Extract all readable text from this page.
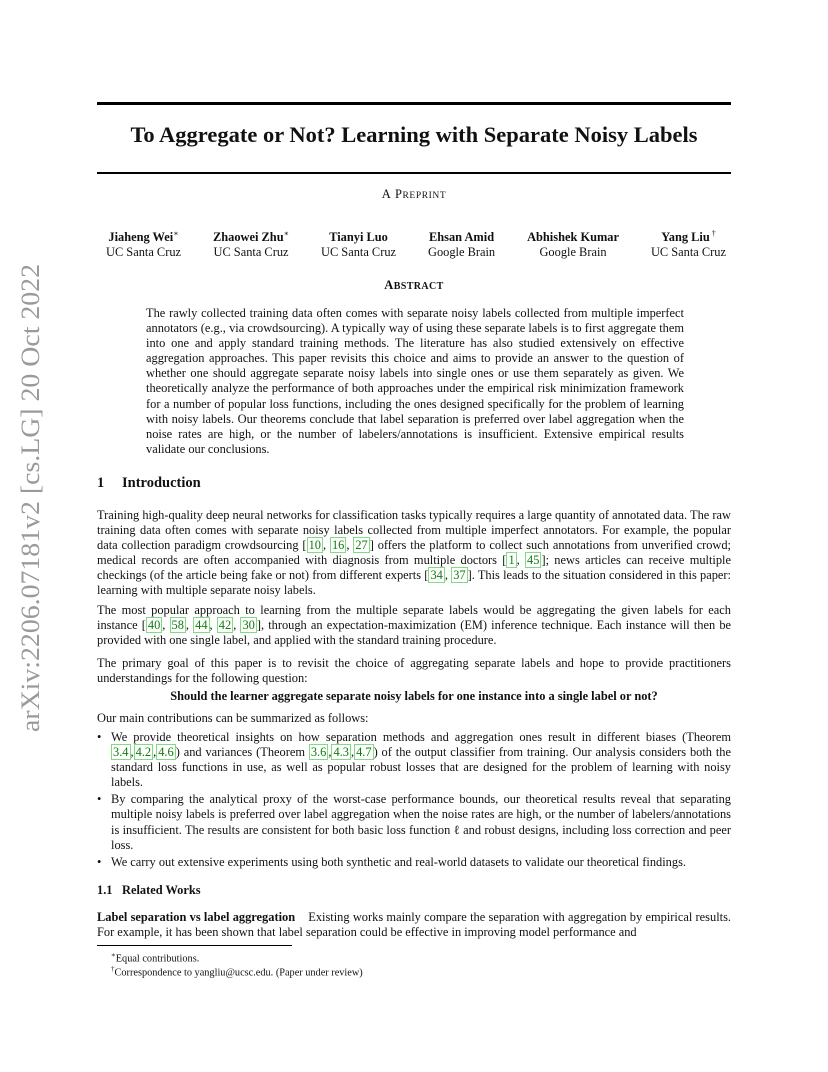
arXiv:2206.07181v2 [cs.LG] 20 Oct 2022
To Aggregate or Not? Learning with Separate Noisy Labels
A PREPRINT
Jiaheng Wei∗
UC Santa Cruz
Zhaowei Zhu∗
UC Santa Cruz
Tianyi Luo
UC Santa Cruz
Ehsan Amid
Google Brain
Abhishek Kumar
Google Brain
Yang Liu †
UC Santa Cruz
ABSTRACT
The rawly collected training data often comes with separate noisy labels collected from multiple imperfect annotators (e.g., via crowdsourcing). A typically way of using these separate labels is to first aggregate them into one and apply standard training methods. The literature has also studied extensively on effective aggregation approaches. This paper revisits this choice and aims to provide an answer to the question of whether one should aggregate separate noisy labels into single ones or use them separately as given. We theoretically analyze the performance of both approaches under the empirical risk minimization framework for a number of popular loss functions, including the ones designed specifically for the problem of learning with noisy labels. Our theorems conclude that label separation is preferred over label aggregation when the noise rates are high, or the number of labelers/annotations is insufficient. Extensive empirical results validate our conclusions.
1 Introduction
Training high-quality deep neural networks for classification tasks typically requires a large quantity of annotated data. The raw training data often comes with separate noisy labels collected from multiple imperfect annotators. For example, the popular data collection paradigm crowdsourcing [ 10 , 16 , 27 ] offers the platform to collect such annotations from unverified crowd; medical records are often accompanied with diagnosis from multiple doctors [ 1 , 45 ]; news articles can receive multiple checkings (of the article being fake or not) from different experts [ 34 , 37 ]. This leads to the situation considered in this paper: learning with multiple separate noisy labels.
The most popular approach to learning from the multiple separate labels would be aggregating the given labels for each instance [ 40 , 58 , 44 , 42 , 30 ], through an expectation-maximization (EM) inference technique. Each instance will then be provided with one single label, and applied with the standard training procedure.
The primary goal of this paper is to revisit the choice of aggregating separate labels and hope to provide practitioners understandings for the following question:
Should the learner aggregate separate noisy labels for one instance into a single label or not?
Our main contributions can be summarized as follows:
• We provide theoretical insights on how separation methods and aggregation ones result in different biases (Theorem 3.4 , 4.2 , 4.6 ) and variances (Theorem 3.6 , 4.3 , 4.7 ) of the output classifier from training. Our analysis considers both the standard loss functions in use, as well as popular robust losses that are designed for the problem of learning with noisy labels.
• By comparing the analytical proxy of the worst-case performance bounds, our theoretical results reveal that separating multiple noisy labels is preferred over label aggregation when the noise rates are high, or the number of labelers/annotations is insufficient. The results are consistent for both basic loss function ℓ and robust designs, including loss correction and peer loss.
• We carry out extensive experiments using both synthetic and real-world datasets to validate our theoretical findings.
1.1 Related Works
Label separation vs label aggregation Existing works mainly compare the separation with aggregation by empirical results. For example, it has been shown that label separation could be effective in improving model performance and
∗Equal contributions.
†Correspondence to yangliu@ucsc.edu. (Paper under review)
